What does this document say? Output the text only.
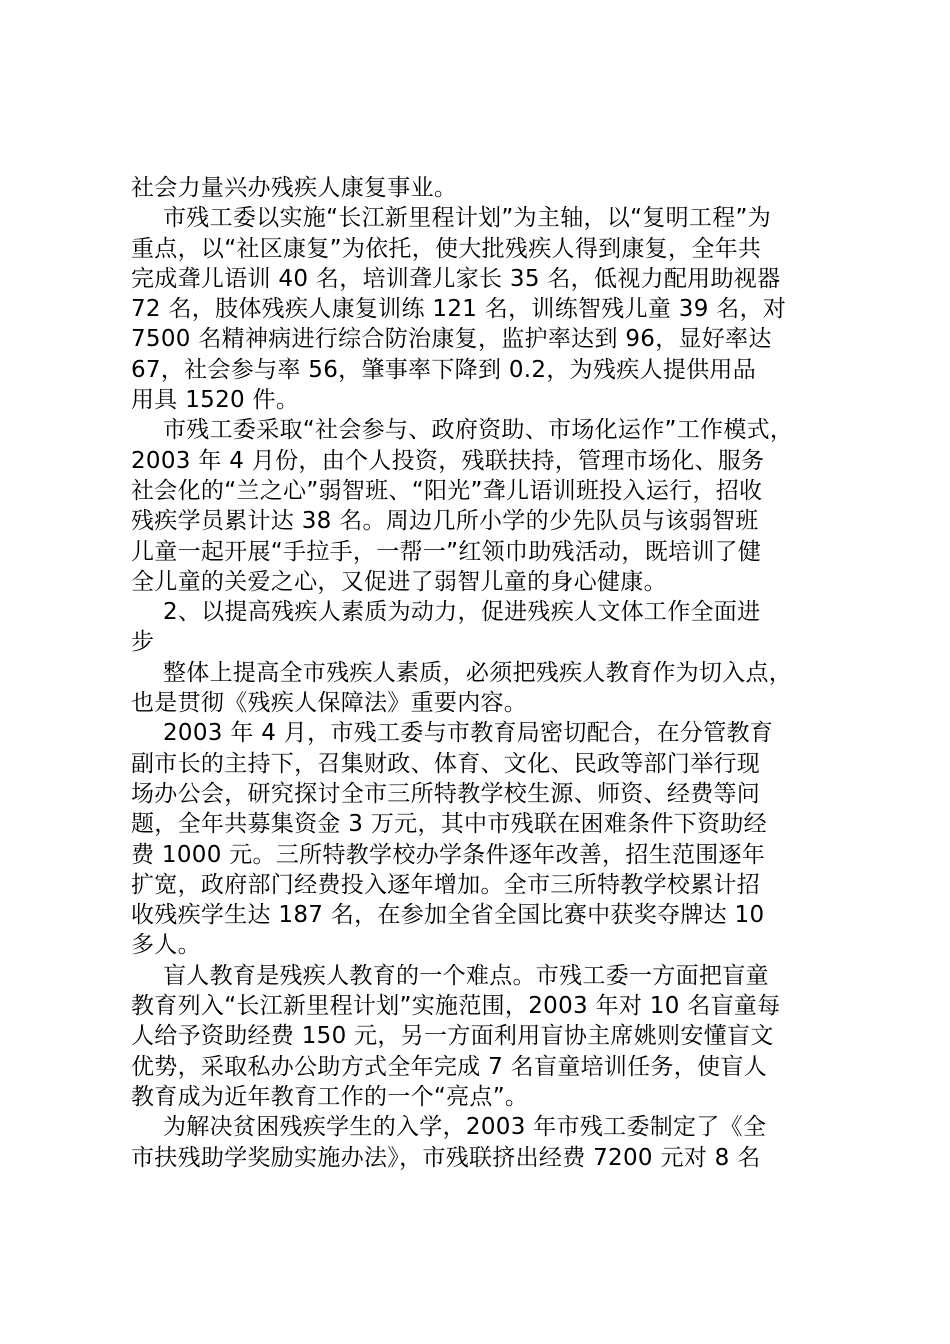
社会力量兴办残疾人康复事业。
市残工委以实施“长江新里程计划”为主轴，以“复明工程”为
重点，以“社区康复”为依托，使大批残疾人得到康复，全年共
完成聋儿语训 40 名，培训聋儿家长 35 名，低视力配用助视器
72 名，肢体残疾人康复训练 121 名，训练智残儿童 39 名，对
7500 名精神病进行综合防治康复，监护率达到 96，显好率达
67，社会参与率 56，肇事率下降到 0.2，为残疾人提供用品
用具 1520 件。
市残工委采取“社会参与、政府资助、市场化运作”工作模式，
2003 年 4 月份，由个人投资，残联扶持，管理市场化、服务
社会化的“兰之心”弱智班、“阳光”聋儿语训班投入运行，招收
残疾学员累计达 38 名。周边几所小学的少先队员与该弱智班
儿童一起开展“手拉手，一帮一”红领巾助残活动，既培训了健
全儿童的关爱之心，又促进了弱智儿童的身心健康。
2、以提高残疾人素质为动力，促进残疾人文体工作全面进
步
整体上提高全市残疾人素质，必须把残疾人教育作为切入点，
也是贯彻《残疾人保障法》重要内容。
2003 年 4 月，市残工委与市教育局密切配合，在分管教育
副市长的主持下，召集财政、体育、文化、民政等部门举行现
场办公会，研究探讨全市三所特教学校生源、师资、经费等问
题，全年共募集资金 3 万元，其中市残联在困难条件下资助经
费 1000 元。三所特教学校办学条件逐年改善，招生范围逐年
扩宽，政府部门经费投入逐年增加。全市三所特教学校累计招
收残疾学生达 187 名，在参加全省全国比赛中获奖夺牌达 10
多人。
盲人教育是残疾人教育的一个难点。市残工委一方面把盲童
教育列入“长江新里程计划”实施范围，2003 年对 10 名盲童每
人给予资助经费 150 元，另一方面利用盲协主席姚则安懂盲文
优势，采取私办公助方式全年完成 7 名盲童培训任务，使盲人
教育成为近年教育工作的一个“亮点”。
为解决贫困残疾学生的入学，2003 年市残工委制定了《全
市扶残助学奖励实施办法》，市残联挤出经费 7200 元对 8 名
